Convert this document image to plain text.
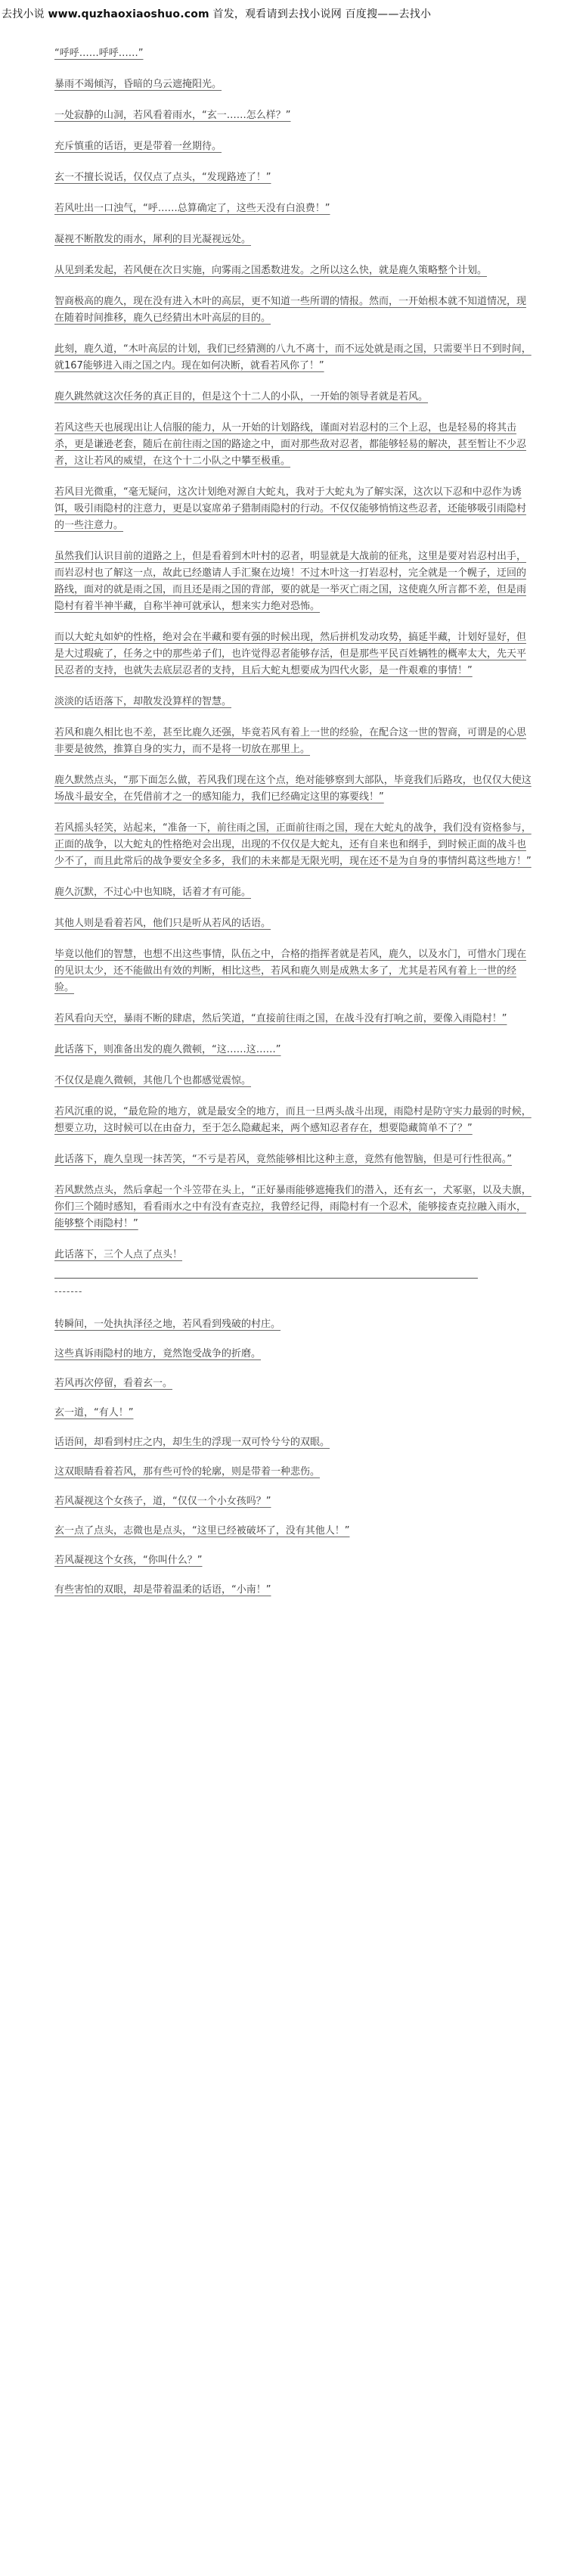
去找小说 www.quzhaoxiaoshuo.com 首发，观看请到去找小说网 百度搜——去找小

“呼呼……呼呼……”

暴雨不竭倾泻，昏暗的乌云遮掩阳光。

一处寂静的山洞，若风看着雨水，“玄一……怎么样？”

充斥慎重的话语，更是带着一丝期待。

玄一不擅长说话，仅仅点了点头，“发现路迹了！”

若风吐出一口浊气，“呼……总算确定了，这些天没有白浪费！”

凝视不断散发的雨水，犀利的目光凝视远处。

从见到柔发起，若风便在次日实施，向雾雨之国悉数进发。之所以这么快，就是鹿久策略整个计划。

智商极高的鹿久，现在没有进入木叶的高层，更不知道一些所谓的情报。然而，一开始根本就不知道情况，现在随着时间推移，鹿久已经猜出木叶高层的目的。

此刻，鹿久道，“木叶高层的计划，我们已经猜测的八九不离十，而不远处就是雨之国，只需要半日不到时间，就167能够进入雨之国之内。现在如何决断，就看若风你了！”

鹿久跳然就这次任务的真正目的，但是这个十二人的小队，一开始的领导者就是若风。

若风这些天也展现出让人信服的能力，从一开始的计划路线，谨面对岩忍村的三个上忍，也是轻易的将其击杀，更是谦逊老套，随后在前往雨之国的路途之中，面对那些敌对忍者，都能够轻易的解决，甚至暂让不少忍者，这让若风的威望，在这个十二小队之中攀至极重。

若风目光微重，“毫无疑问，这次计划绝对源自大蛇丸，我对于大蛇丸为了解实深，这次以下忍和中忍作为诱饵，吸引雨隐村的注意力，更是以宴席弟子猎制雨隐村的行动。不仅仅能够悄悄这些忍者，还能够吸引雨隐村的一些注意力。

虽然我们认识目前的道路之上，但是看着到木叶村的忍者，明显就是大战前的征兆，这里是要对岩忍村出手，而岩忍村也了解这一点，故此已经邀请人手汇聚在边境！不过木叶这一打岩忍村，完全就是一个幌子，迂回的路线，面对的就是雨之国，而且还是雨之国的背部，要的就是一举灭亡雨之国，这使鹿久所言都不差，但是雨隐村有着半神半藏，自称半神可就承认，想来实力绝对恐怖。

而以大蛇丸如妒的性格，绝对会在半藏和要有强的时候出现，然后拼机发动攻势，搞延半藏，计划好显好，但是大过瑕疵了，任务之中的那些弟子们，也许觉得忍者能够存活，但是那些平民百姓辆牲的概率太大，先天平民忍者的支持，也就失去底层忍者的支持，且后大蛇丸想要成为四代火影，是一件艰难的事情！”

淡淡的话语落下，却散发没算样的智慧。

若风和鹿久相比也不差，甚至比鹿久还强，毕竟若风有着上一世的经验，在配合这一世的智商，可谓是的心思非要是彼然，推算自身的实力，而不是将一切放在那里上。

鹿久默然点头，“那下面怎么做，若风我们现在这个点，绝对能够察到大部队，毕竟我们后路攻，也仅仅大使这场战斗最安全，在凭借前才之一的感知能力，我们已经确定这里的寡要线！”

若风摇头轻笑，站起来，“准备一下，前往雨之国，正面前往雨之国，现在大蛇丸的战争，我们没有资格参与，正面的战争，以大蛇丸的性格绝对会出现，出现的不仅仅是大蛇丸，还有自来也和纲手，到时候正面的战斗也少不了，而且此常后的战争要安全多多，我们的未来都是无限光明，现在还不是为自身的事情纠葛这些地方！”

鹿久沉默，不过心中也知晓，话着才有可能。

其他人则是看着若风，他们只是听从若风的话语。

毕竟以他们的智慧，也想不出这些事情，队伍之中，合格的指挥者就是若风，鹿久，以及水门，可惜水门现在的见识太少，还不能做出有效的判断，相比这些，若风和鹿久则是成熟太多了，尤其是若风有着上一世的经验。

若风看向天空，暴雨不断的肆虐，然后笑道，“直接前往雨之国，在战斗没有打响之前，要像入雨隐村！”

此话落下，则准备出发的鹿久微顿，“这……这……”

不仅仅是鹿久微顿，其他几个也都感觉震惊。

若风沉重的说，“最危险的地方，就是最安全的地方，而且一旦两头战斗出现，雨隐村是防守实力最弱的时候，想要立功，这时候可以在由奋力，至于怎么隐藏起来，两个感知忍者存在，想要隐藏简单不了？”

此话落下，鹿久皇现一抹苦笑，“不亏是若风，竟然能够相比这种主意，竟然有他智脑，但是可行性很高。”

若风默然点头，然后拿起一个斗笠带在头上，“正好暴雨能够遮掩我们的潜入，还有玄一，犬冢驱，以及夫旗，你们三个随时感知，看看雨水之中有没有查克拉，我曾经记得，雨隐村有一个忍术，能够接查克拉融入雨水，能够整个雨隐村！”

此话落下，三个人点了点头！

-------

转瞬间，一处执执泽径之地，若风看到残破的村庄。

这些真诉雨隐村的地方，竟然饱受战争的折磨。

若风再次停留，看着玄一。

玄一道，“有人！”

话语间，却看到村庄之内，却生生的浮现一双可怜兮兮的双眼。

这双眼睛看着若风，那有些可怜的轮廓，则是带着一种悲伤。

若风凝视这个女孩子，道，“仅仅一个小女孩吗？”

玄一点了点头，志微也是点头，“这里已经被破坏了，没有其他人！”

若风凝视这个女孩，“你叫什么？”

有些害怕的双眼，却是带着温柔的话语，“小南！”
